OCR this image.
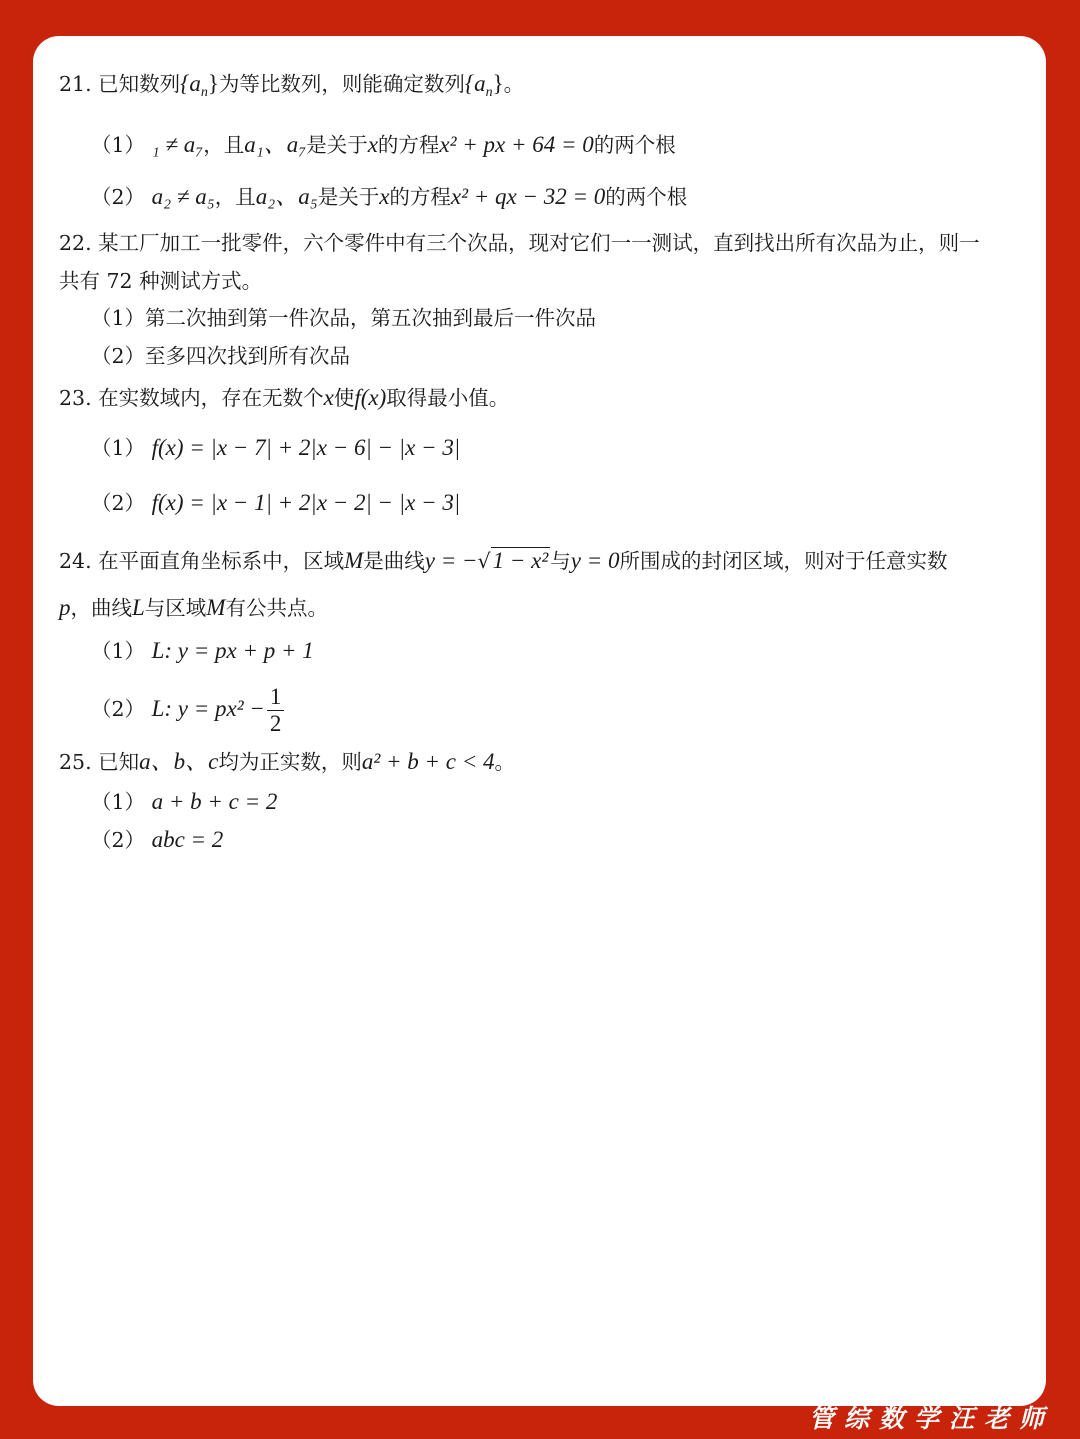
21. 已知数列$\{a_n\}$为等比数列，则能确定数列$\{a_n\}$。
（1） ₁ ≠ a₇，且a₁、a₇是关于x的方程x² + px + 64 = 0的两个根
（2） a₂ ≠ a₅，且a₂、a₅是关于x的方程x² + qx − 32 = 0的两个根
22. 某工厂加工一批零件，六个零件中有三个次品，现对它们一一测试，直到找出所有次品为止，则一
共有 72 种测试方式。
（1）第二次抽到第一件次品，第五次抽到最后一件次品
（2）至多四次找到所有次品
23. 在实数域内，存在无数个x使f(x)取得最小值。
（1） f(x) = |x − 7| + 2|x − 6| − |x − 3|
（2） f(x) = |x − 1| + 2|x − 2| − |x − 3|
24. 在平面直角坐标系中，区域M是曲线y = −√1 − x²与y = 0所围成的封闭区域，则对于任意实数
p，曲线L与区域M有公共点。
（1） L: y = px + p + 1
（2） L: $y = px^2 - \frac{1}{2}$
25. 已知a、b、c均为正实数，则a² + b + c < 4。
（1） a + b + c = 2
（2） abc = 2
管综数学汪老师
